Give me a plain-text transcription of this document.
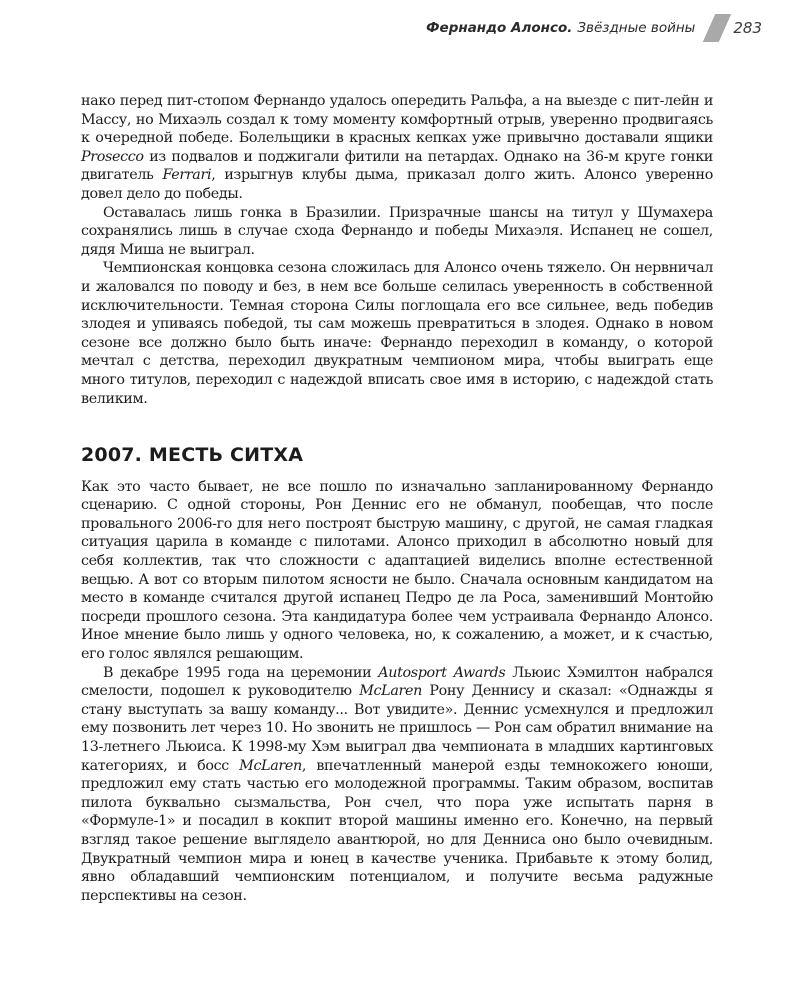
Фернандо Алонсо. Звёздные войны	283

нако перед пит-стопом Фернандо удалось опередить Ральфа, а на выезде с пит-лейн и Массу, но Михаэль создал к тому моменту комфортный отрыв, уверенно продвигаясь к очередной победе. Болельщики в красных кепках уже привычно доставали ящики Prosecco из подвалов и поджигали фитили на петардах. Однако на 36-м круге гонки двигатель Ferrari, изрыгнув клубы дыма, приказал долго жить. Алонсо уверенно довел дело до победы.

Оставалась лишь гонка в Бразилии. Призрачные шансы на титул у Шумахера сохранялись лишь в случае схода Фернандо и победы Михаэля. Испанец не сошел, дядя Миша не выиграл.

Чемпионская концовка сезона сложилась для Алонсо очень тяжело. Он нервничал и жаловался по поводу и без, в нем все больше селилась уверенность в собственной исключительности. Темная сторона Силы поглощала его все сильнее, ведь победив злодея и упиваясь победой, ты сам можешь превратиться в злодея. Однако в новом сезоне все должно было быть иначе: Фернандо переходил в команду, о которой мечтал с детства, переходил двукратным чемпионом мира, чтобы выиграть еще много титулов, переходил с надеждой вписать свое имя в историю, с надеждой стать великим.

2007. МЕСТЬ СИТХА

Как это часто бывает, не все пошло по изначально запланированному Фернандо сценарию. С одной стороны, Рон Деннис его не обманул, пообещав, что после провального 2006-го для него построят быструю машину, с другой, не самая гладкая ситуация царила в команде с пилотами. Алонсо приходил в абсолютно новый для себя коллектив, так что сложности с адаптацией виделись вполне естественной вещью. А вот со вторым пилотом ясности не было. Сначала основным кандидатом на место в команде считался другой испанец Педро де ла Роса, заменивший Монтойю посреди прошлого сезона. Эта кандидатура более чем устраивала Фернандо Алонсо. Иное мнение было лишь у одного человека, но, к сожалению, а может, и к счастью, его голос являлся решающим.

В декабре 1995 года на церемонии Autosport Awards Льюис Хэмилтон набрался смелости, подошел к руководителю McLaren Рону Деннису и сказал: «Однажды я стану выступать за вашу команду... Вот увидите». Деннис усмехнулся и предложил ему позвонить лет через 10. Но звонить не пришлось — Рон сам обратил внимание на 13-летнего Льюиса. К 1998-му Хэм выиграл два чемпионата в младших картинговых категориях, и босс McLaren, впечатленный манерой езды темнокожего юноши, предложил ему стать частью его молодежной программы. Таким образом, воспитав пилота буквально сызмальства, Рон счел, что пора уже испытать парня в «Формуле-1» и посадил в кокпит второй машины именно его. Конечно, на первый взгляд такое решение выглядело авантюрой, но для Денниса оно было очевидным. Двукратный чемпион мира и юнец в качестве ученика. Прибавьте к этому болид, явно обладавший чемпионским потенциалом, и получите весьма радужные перспективы на сезон.
